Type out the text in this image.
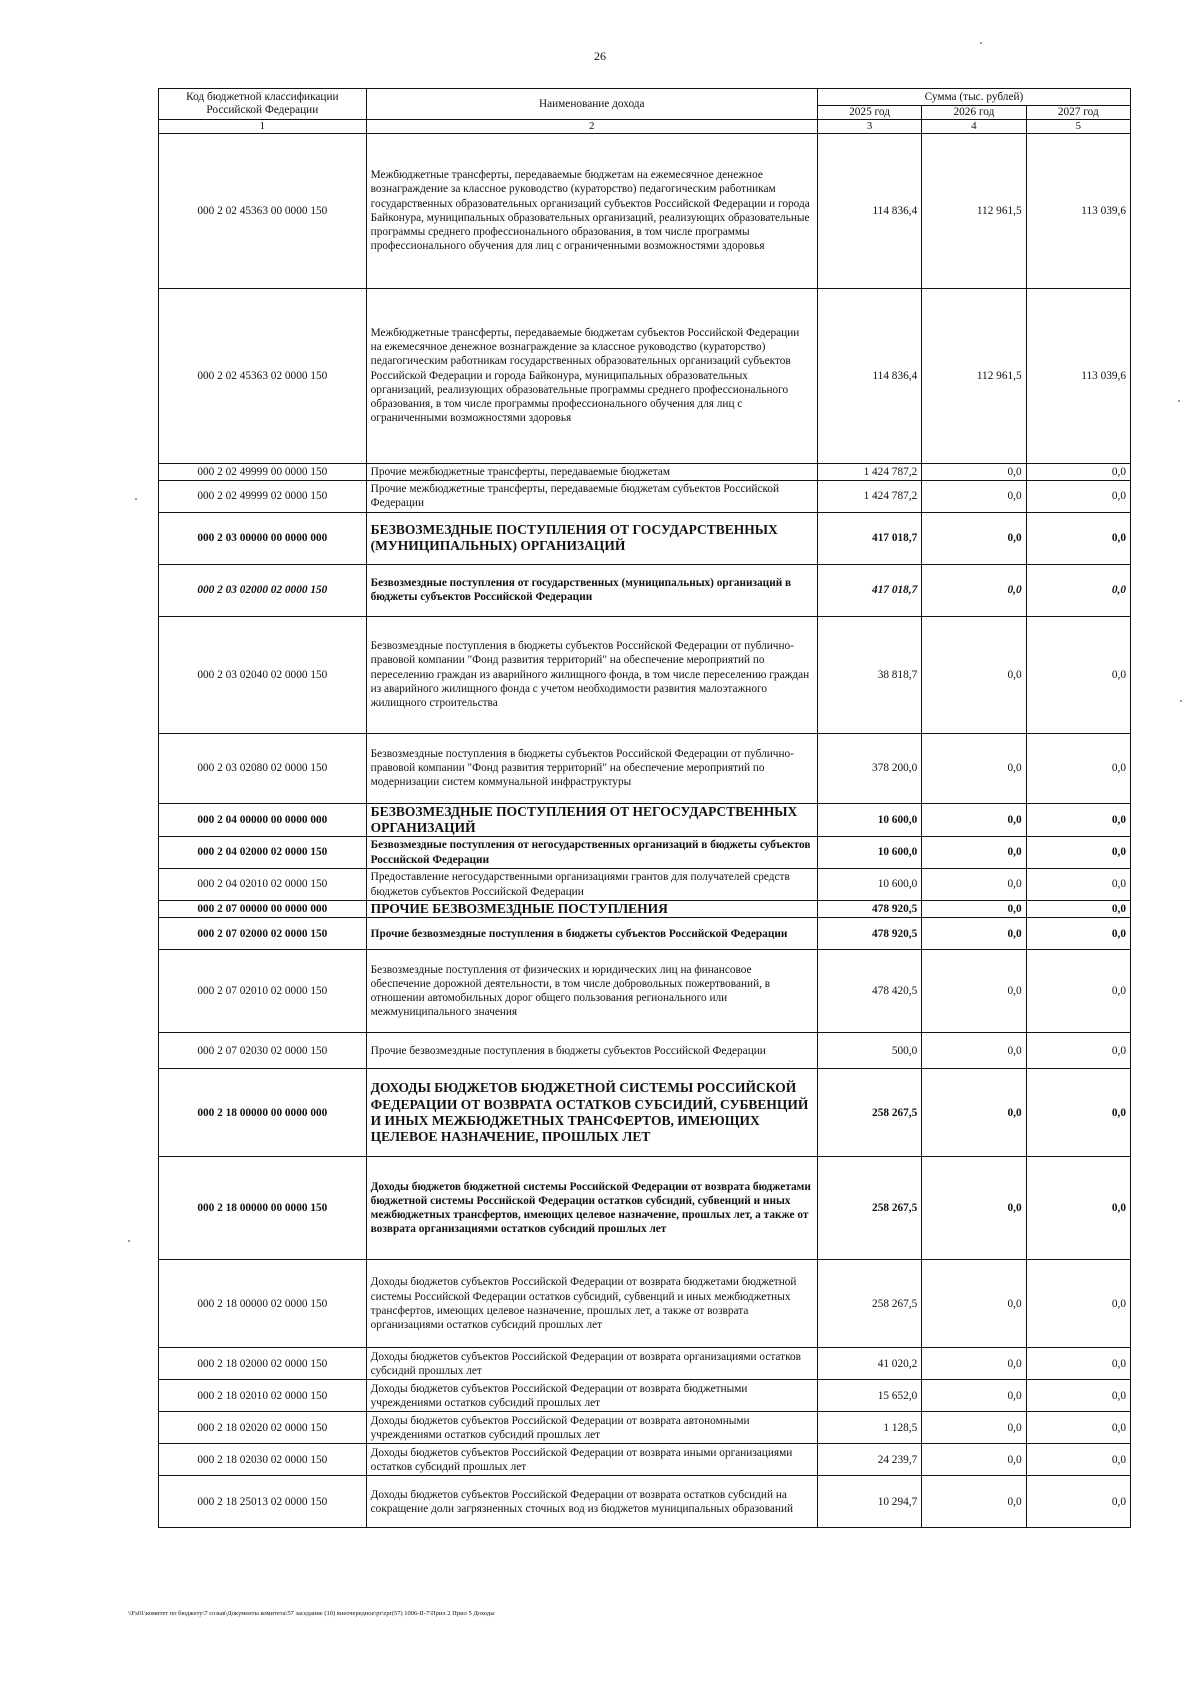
26
Код бюджетной классификации Российской Федерации	Наименование дохода	Сумма (тыс. рублей)		
		2025 год	2026 год	2027 год
1	2	3	4	5
000 2 02 45363 00 0000 150	Межбюджетные трансферты, передаваемые бюджетам на ежемесячное денежное вознаграждение за классное руководство (кураторство) педагогическим работникам государственных образовательных организаций субъектов Российской Федерации и города Байконура, муниципальных образовательных организаций, реализующих образовательные программы среднего профессионального образования, в том числе программы профессионального обучения для лиц с ограниченными возможностями здоровья	114 836,4	112 961,5	113 039,6
000 2 02 45363 02 0000 150	Межбюджетные трансферты, передаваемые бюджетам субъектов Российской Федерации на ежемесячное денежное вознаграждение за классное руководство (кураторство) педагогическим работникам государственных образовательных организаций субъектов Российской Федерации и города Байконура, муниципальных образовательных организаций, реализующих образовательные программы среднего профессионального образования, в том числе программы профессионального обучения для лиц с ограниченными возможностями здоровья	114 836,4	112 961,5	113 039,6
000 2 02 49999 00 0000 150	Прочие межбюджетные трансферты, передаваемые бюджетам	1 424 787,2	0,0	0,0
000 2 02 49999 02 0000 150	Прочие межбюджетные трансферты, передаваемые бюджетам субъектов Российской Федерации	1 424 787,2	0,0	0,0
000 2 03 00000 00 0000 000	БЕЗВОЗМЕЗДНЫЕ ПОСТУПЛЕНИЯ ОТ ГОСУДАРСТВЕННЫХ (МУНИЦИПАЛЬНЫХ) ОРГАНИЗАЦИЙ	417 018,7	0,0	0,0
000 2 03 02000 02 0000 150	Безвозмездные поступления от государственных (муниципальных) организаций в бюджеты субъектов Российской Федерации	417 018,7	0,0	0,0
000 2 03 02040 02 0000 150	Безвозмездные поступления в бюджеты субъектов Российской Федерации от публично-правовой компании "Фонд развития территорий" на обеспечение мероприятий по переселению граждан из аварийного жилищного фонда, в том числе переселению граждан из аварийного жилищного фонда с учетом необходимости развития малоэтажного жилищного строительства	38 818,7	0,0	0,0
000 2 03 02080 02 0000 150	Безвозмездные поступления в бюджеты субъектов Российской Федерации от публично-правовой компании "Фонд развития территорий" на обеспечение мероприятий по модернизации систем коммунальной инфраструктуры	378 200,0	0,0	0,0
000 2 04 00000 00 0000 000	БЕЗВОЗМЕЗДНЫЕ ПОСТУПЛЕНИЯ ОТ НЕГОСУДАРСТВЕННЫХ ОРГАНИЗАЦИЙ	10 600,0	0,0	0,0
000 2 04 02000 02 0000 150	Безвозмездные поступления от негосударственных организаций в бюджеты субъектов Российской Федерации	10 600,0	0,0	0,0
000 2 04 02010 02 0000 150	Предоставление негосударственными организациями грантов для получателей средств бюджетов субъектов Российской Федерации	10 600,0	0,0	0,0
000 2 07 00000 00 0000 000	ПРОЧИЕ БЕЗВОЗМЕЗДНЫЕ ПОСТУПЛЕНИЯ	478 920,5	0,0	0,0
000 2 07 02000 02 0000 150	Прочие безвозмездные поступления в бюджеты субъектов Российской Федерации	478 920,5	0,0	0,0
000 2 07 02010 02 0000 150	Безвозмездные поступления от физических и юридических лиц на финансовое обеспечение дорожной деятельности, в том числе добровольных пожертвований, в отношении автомобильных дорог общего пользования регионального или межмуниципального значения	478 420,5	0,0	0,0
000 2 07 02030 02 0000 150	Прочие безвозмездные поступления в бюджеты субъектов Российской Федерации	500,0	0,0	0,0
000 2 18 00000 00 0000 000	ДОХОДЫ БЮДЖЕТОВ БЮДЖЕТНОЙ СИСТЕМЫ РОССИЙСКОЙ ФЕДЕРАЦИИ ОТ ВОЗВРАТА ОСТАТКОВ СУБСИДИЙ, СУБВЕНЦИЙ И ИНЫХ МЕЖБЮДЖЕТНЫХ ТРАНСФЕРТОВ, ИМЕЮЩИХ ЦЕЛЕВОЕ НАЗНАЧЕНИЕ, ПРОШЛЫХ ЛЕТ	258 267,5	0,0	0,0
000 2 18 00000 00 0000 150	Доходы бюджетов бюджетной системы Российской Федерации от возврата бюджетами бюджетной системы Российской Федерации остатков субсидий, субвенций и иных межбюджетных трансфертов, имеющих целевое назначение, прошлых лет, а также от возврата организациями остатков субсидий прошлых лет	258 267,5	0,0	0,0
000 2 18 00000 02 0000 150	Доходы бюджетов субъектов Российской Федерации от возврата бюджетами бюджетной системы Российской Федерации остатков субсидий, субвенций и иных межбюджетных трансфертов, имеющих целевое назначение, прошлых лет, а также от возврата организациями остатков субсидий прошлых лет	258 267,5	0,0	0,0
000 2 18 02000 02 0000 150	Доходы бюджетов субъектов Российской Федерации от возврата организациями остатков субсидий прошлых лет	41 020,2	0,0	0,0
000 2 18 02010 02 0000 150	Доходы бюджетов субъектов Российской Федерации от возврата бюджетными учреждениями остатков субсидий прошлых лет	15 652,0	0,0	0,0
000 2 18 02020 02 0000 150	Доходы бюджетов субъектов Российской Федерации от возврата автономными учреждениями остатков субсидий прошлых лет	1 128,5	0,0	0,0
000 2 18 02030 02 0000 150	Доходы бюджетов субъектов Российской Федерации от возврата иными организациями остатков субсидий прошлых лет	24 239,7	0,0	0,0
000 2 18 25013 02 0000 150	Доходы бюджетов субъектов Российской Федерации от возврата остатков субсидий на сокращение доли загрязненных сточных вод из бюджетов муниципальных образований	10 294,7	0,0	0,0
\\Fs01\комитет по бюджету\7 созыв\Документы комитета\57 заседание (10) внеочередное\pr\zpr(57) 1006-II-7\Прил 2 Прил 5 Доходы
